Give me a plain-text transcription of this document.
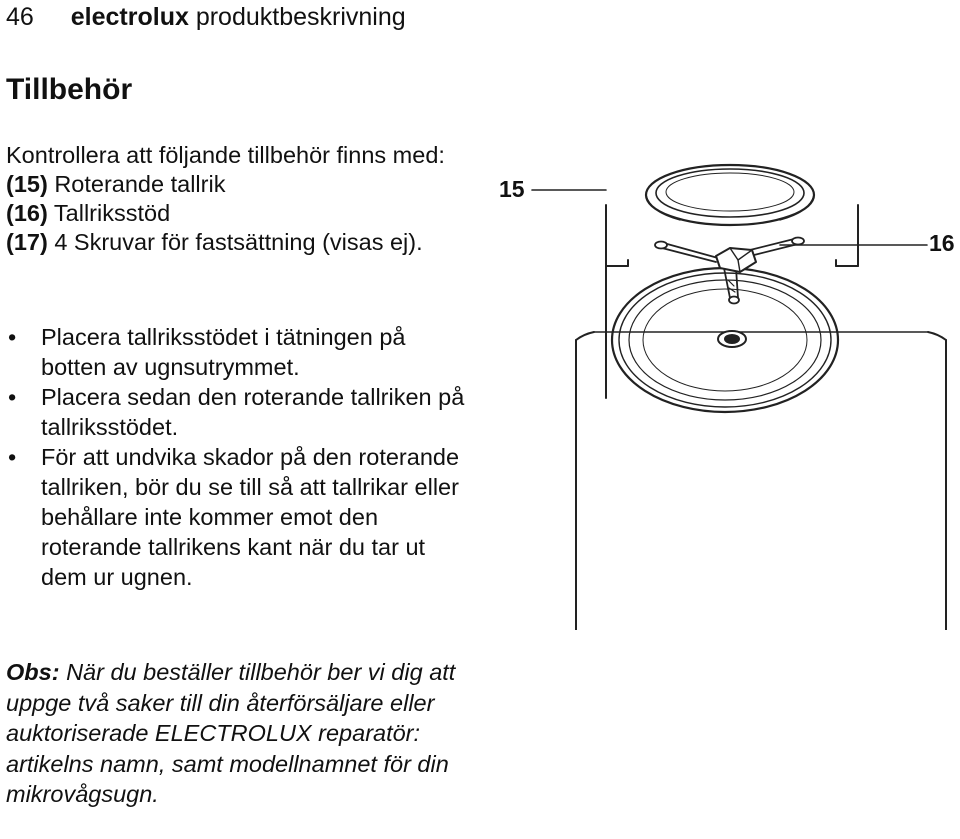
46 electrolux produktbeskrivning
Tillbehör
Kontrollera att följande tillbehör finns med:
(15) Roterande tallrik
(16) Tallriksstöd
(17) 4 Skruvar för fastsättning (visas ej).
• Placera tallriksstödet i tätningen på botten av ugnsutrymmet.
• Placera sedan den roterande tallriken på tallriksstödet.
• För att undvika skador på den roterande tallriken, bör du se till så att tallrikar eller behållare inte kommer emot den roterande tallrikens kant när du tar ut dem ur ugnen.
Obs: När du beställer tillbehör ber vi dig att uppge två saker till din återförsäljare eller auktoriserade ELECTROLUX reparatör: artikelns namn, samt modellnamnet för din mikrovågsugn.
15
16
